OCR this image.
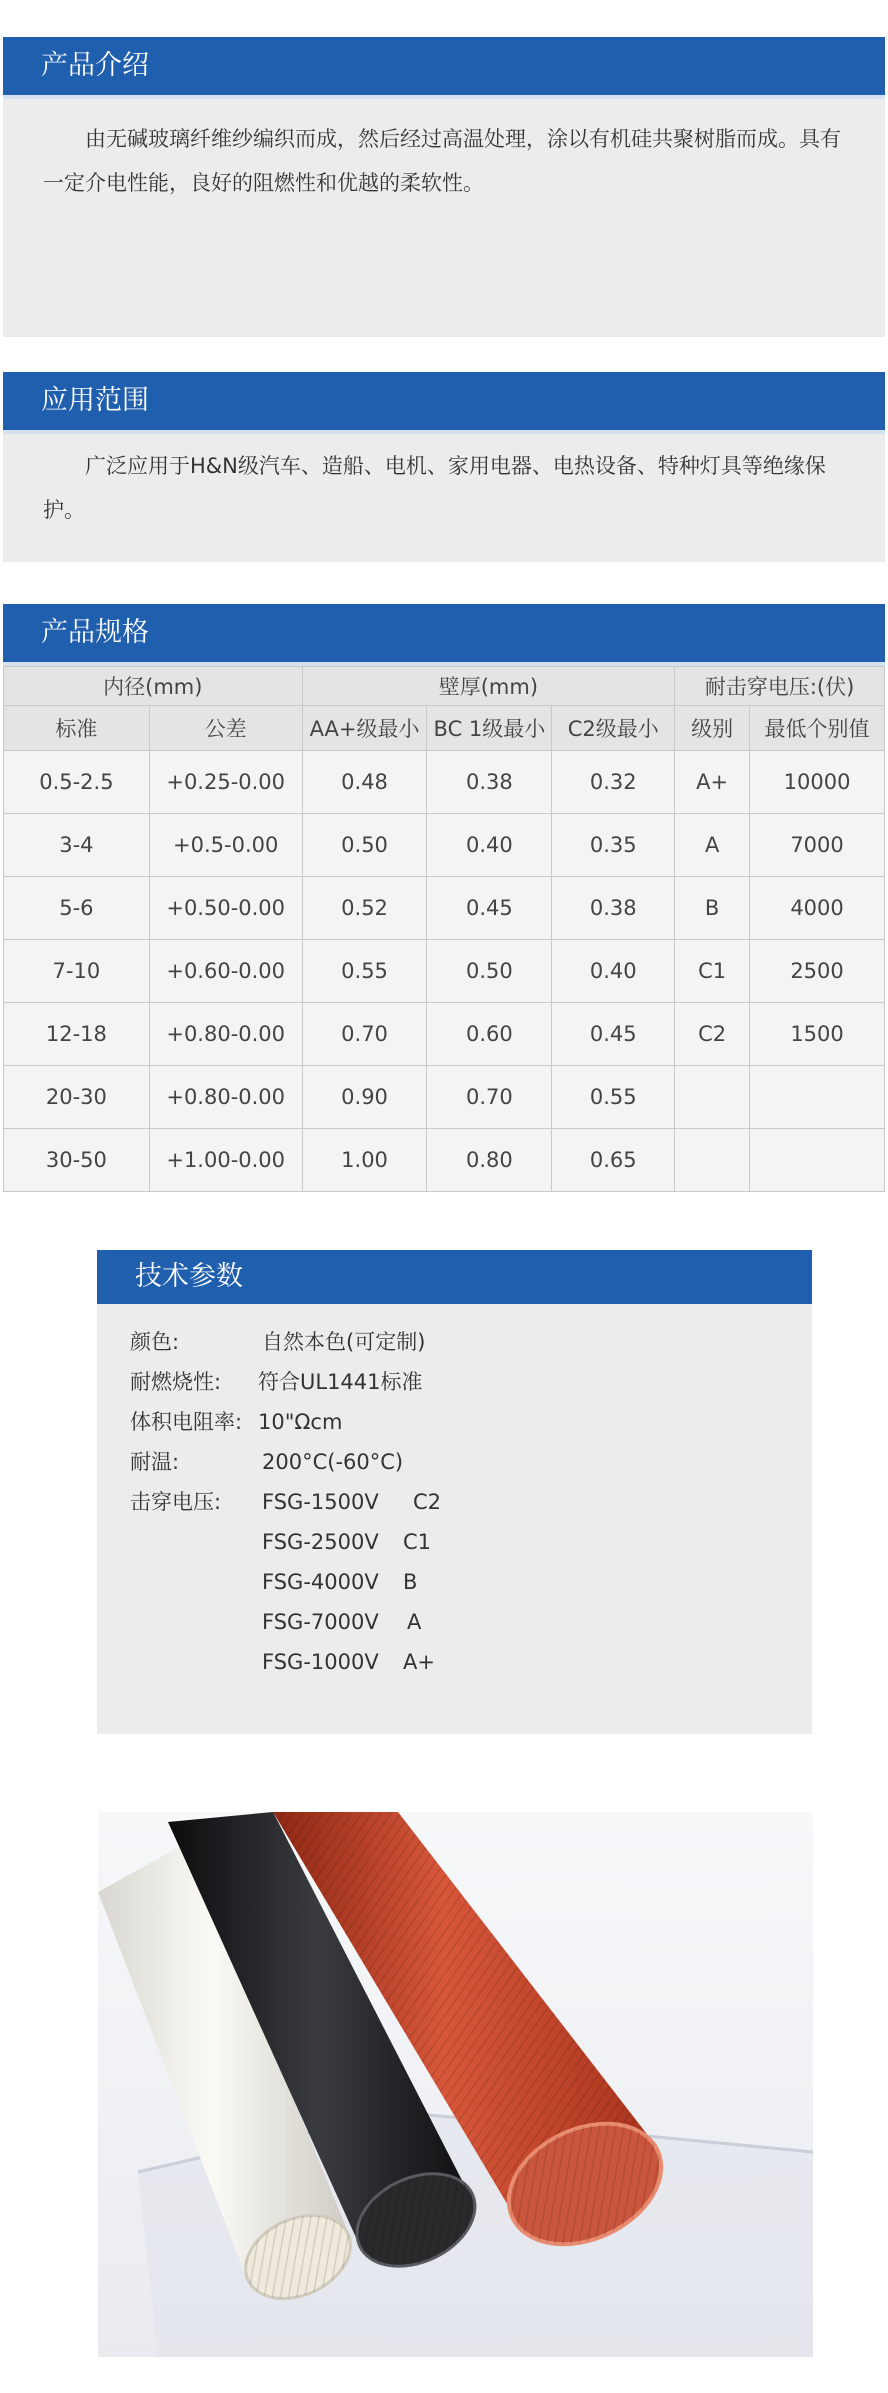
产品介绍
由无碱玻璃纤维纱编织而成，然后经过高温处理，涂以有机硅共聚树脂而成。具有一定介电性能，良好的阻燃性和优越的柔软性。
应用范围
广泛应用于H&N级汽车、造船、电机、家用电器、电热设备、特种灯具等绝缘保护。
产品规格
内径(mm)		壁厚(mm)			耐击穿电压:(伏)	
标准	公差	AA+级最小	BC 1级最小	C2级最小	级别	最低个别值
0.5-2.5	+0.25-0.00	0.48	0.38	0.32	A+	10000
3-4	+0.5-0.00	0.50	0.40	0.35	A	7000
5-6	+0.50-0.00	0.52	0.45	0.38	B	4000
7-10	+0.60-0.00	0.55	0.50	0.40	C1	2500
12-18	+0.80-0.00	0.70	0.60	0.45	C2	1500
20-30	+0.80-0.00	0.90	0.70	0.55		
30-50	+1.00-0.00	1.00	0.80	0.65		
技术参数
颜色:	自然本色(可定制)
耐燃烧性: 符合UL1441标准
体积电阻率: 10"Ωcm
耐温:	200°C(-60°C)
击穿电压: FSG-1500V C2
FSG-2500V C1
FSG-4000V B
FSG-7000V A
FSG-1000V A+
